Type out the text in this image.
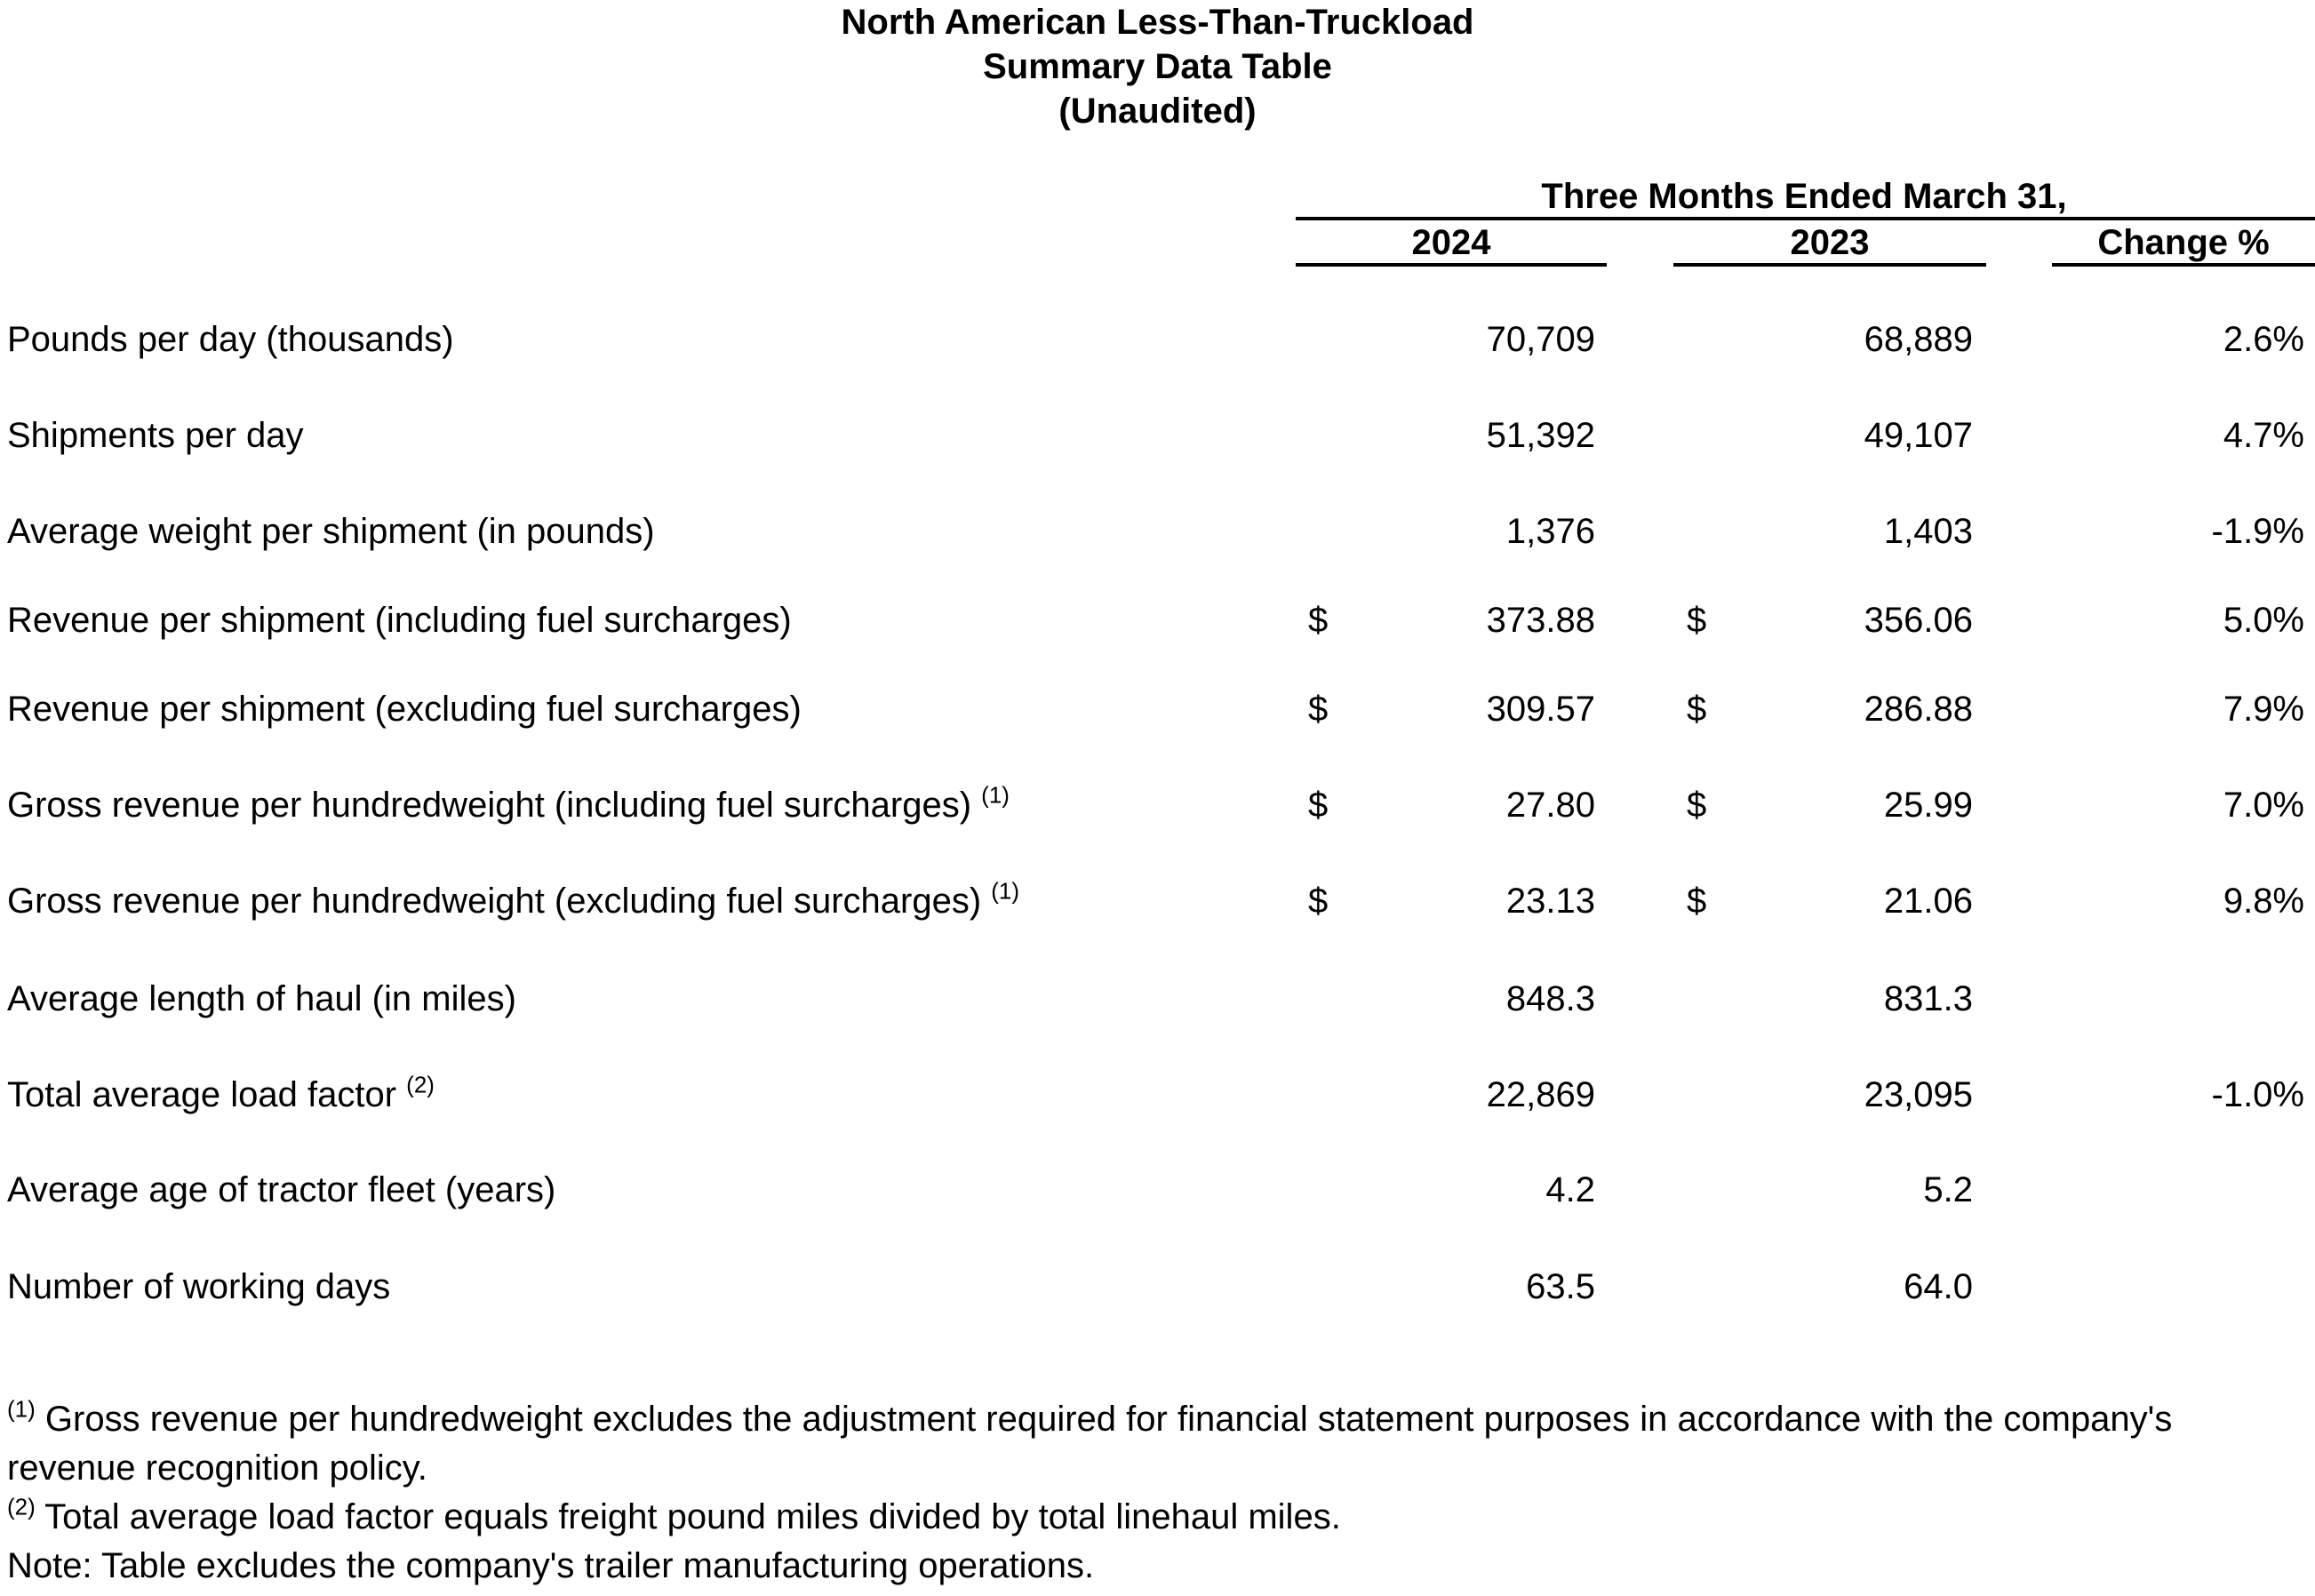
North American Less-Than-Truckload
Summary Data Table
(Unaudited)
Three Months Ended March 31,
2024	2023	Change %
Pounds per day (thousands)	70,709	68,889	2.6%
Shipments per day	51,392	49,107	4.7%
Average weight per shipment (in pounds)	1,376	1,403	-1.9%
Revenue per shipment (including fuel surcharges)	$	373.88	$	356.06	5.0%
Revenue per shipment (excluding fuel surcharges)	$	309.57	$	286.88	7.9%
Gross revenue per hundredweight (including fuel surcharges) $^{(1)}$	$	27.80	$	25.99	7.0%
Gross revenue per hundredweight (excluding fuel surcharges) $^{(1)}$	$	23.13	$	21.06	9.8%
Average length of haul (in miles)	848.3	831.3
Total average load factor $^{(2)}$	22,869	23,095	-1.0%
Average age of tractor fleet (years)	4.2	5.2
Number of working days	63.5	64.0

$^{(1)}$ Gross revenue per hundredweight excludes the adjustment required for financial statement purposes in accordance with the company's revenue recognition policy.

$^{(2)}$ Total average load factor equals freight pound miles divided by total linehaul miles.

Note: Table excludes the company's trailer manufacturing operations.
